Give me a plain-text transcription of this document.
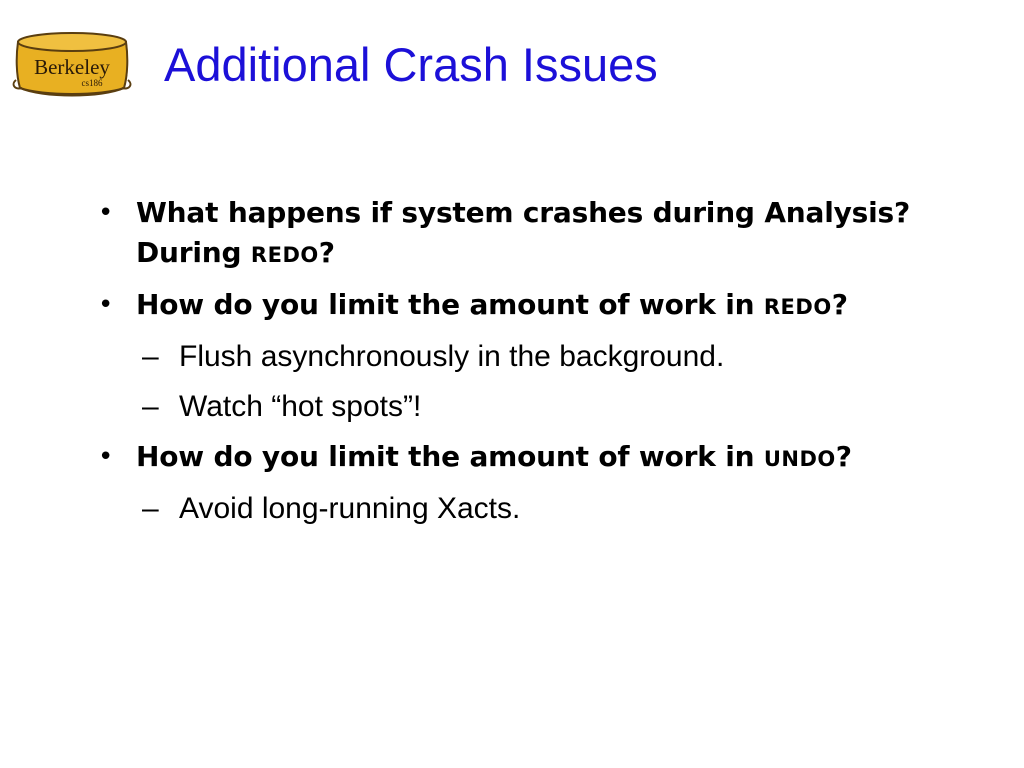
Berkeley
cs186 Additional Crash Issues
• What happens if system crashes during Analysis? During REDO?
• How do you limit the amount of work in REDO?
– Flush asynchronously in the background.
– Watch “hot spots”!
• How do you limit the amount of work in UNDO?
– Avoid long-running Xacts.
